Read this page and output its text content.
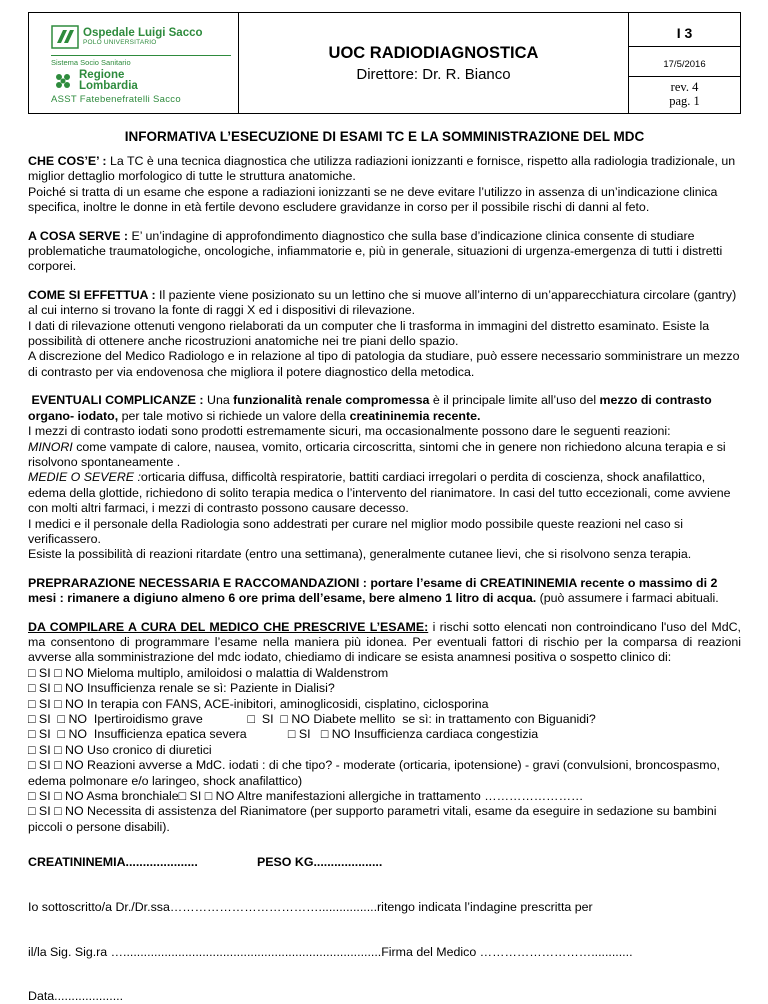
Ospedale Luigi Sacco
POLO UNIVERSITARIO
Sistema Socio Sanitario
Regione
Lombardia
ASST Fatebenefratelli Sacco
UOC RADIODIAGNOSTICA
Direttore: Dr. R. Bianco
I 3
17/5/2016
rev. 4
pag. 1
INFORMATIVA L’ESECUZIONE DI ESAMI TC E LA SOMMINISTRAZIONE DEL MDC
CHE COS’E’ : La TC è una tecnica diagnostica che utilizza radiazioni ionizzanti e fornisce, rispetto alla radiologia tradizionale, un miglior dettaglio morfologico di tutte le struttura anatomiche.
Poiché si tratta di un esame che espone a radiazioni ionizzanti se ne deve evitare l’utilizzo in assenza di un’indicazione clinica specifica, inoltre le donne in età fertile devono escludere gravidanze in corso per il possibile rischi di danni al feto.
A COSA SERVE : E’ un’indagine di approfondimento diagnostico che sulla base d’indicazione clinica consente di studiare problematiche traumatologiche, oncologiche, infiammatorie e, più in generale, situazioni di urgenza-emergenza di tutti i distretti corporei.
COME SI EFFETTUA : Il paziente viene posizionato su un lettino che si muove all’interno di un’apparecchiatura circolare (gantry) al cui interno si trovano la fonte di raggi X ed i dispositivi di rilevazione.
I dati di rilevazione ottenuti vengono rielaborati da un computer che li trasforma in immagini del distretto esaminato. Esiste la possibilità di ottenere anche ricostruzioni anatomiche nei tre piani dello spazio.
A discrezione del Medico Radiologo e in relazione al tipo di patologia da studiare, può essere necessario somministrare un mezzo di contrasto per via endovenosa che migliora il potere diagnostico della metodica.
EVENTUALI COMPLICANZE : Una funzionalità renale compromessa è il principale limite all’uso del mezzo di contrasto organo- iodato, per tale motivo si richiede un valore della creatininemia recente.
I mezzi di contrasto iodati sono prodotti estremamente sicuri, ma occasionalmente possono dare le seguenti reazioni:
MINORI come vampate di calore, nausea, vomito, orticaria circoscritta, sintomi che in genere non richiedono alcuna terapia e si risolvono spontaneamente .
MEDIE O SEVERE :orticaria diffusa, difficoltà respiratorie, battiti cardiaci irregolari o perdita di coscienza, shock anafilattico, edema della glottide, richiedono di solito terapia medica o l’intervento del rianimatore. In casi del tutto eccezionali, come avviene con molti altri farmaci, i mezzi di contrasto possono causare decesso.
I medici e il personale della Radiologia sono addestrati per curare nel miglior modo possibile queste reazioni nel caso si verificassero.
Esiste la possibilità di reazioni ritardate (entro una settimana), generalmente cutanee lievi, che si risolvono senza terapia.
PREPRARAZIONE NECESSARIA E RACCOMANDAZIONI : portare l’esame di CREATININEMIA recente o massimo di 2 mesi : rimanere a digiuno almeno 6 ore prima dell’esame, bere almeno 1 litro di acqua. (può assumere i farmaci abituali.
DA COMPILARE A CURA DEL MEDICO CHE PRESCRIVE L’ESAME: i rischi sotto elencati non controindicano l'uso del MdC, ma consentono di programmare l’esame nella maniera più idonea. Per eventuali fattori di rischio per la comparsa di reazioni avverse alla somministrazione del mdc iodato, chiediamo di indicare se esista anamnesi positiva o sospetto clinico di:
□ SI □ NO Mieloma multiplo, amiloidosi o malattia di Waldenstrom
□ SI □ NO Insufficienza renale se sì: Paziente in Dialisi?
□ SI □ NO In terapia con FANS, ACE-inibitori, aminoglicosidi, cisplatino, ciclosporina
□ SI  □ NO  Ipertiroidismo grave             □  SI  □ NO Diabete mellito  se sì: in trattamento con Biguanidi?
□ SI  □ NO  Insufficienza epatica severa            □ SI   □ NO Insufficienza cardiaca congestizia
□ SI □ NO Uso cronico di diuretici
□ SI □ NO Reazioni avverse a MdC. iodati : di che tipo? - moderate (orticaria, ipotensione) - gravi (convulsioni, broncospasmo, edema polmonare e/o laringeo, shock anafilattico)
□ SI □ NO Asma bronchiale□ SI □ NO Altre manifestazioni allergiche in trattamento ……………………
□ SI □ NO Necessita di assistenza del Rianimatore (per supporto parametri vitali, esame da eseguire in sedazione su bambini piccoli o persone disabili).
CREATININEMIA.....................	PESO KG....................
Io sottoscritto/a Dr./Dr.ssa……………………………….................ritengo indicata l’indagine prescritta per
il/la Sig. Sig.ra …...........................................................................Firma del Medico ………………………............
Data....................
